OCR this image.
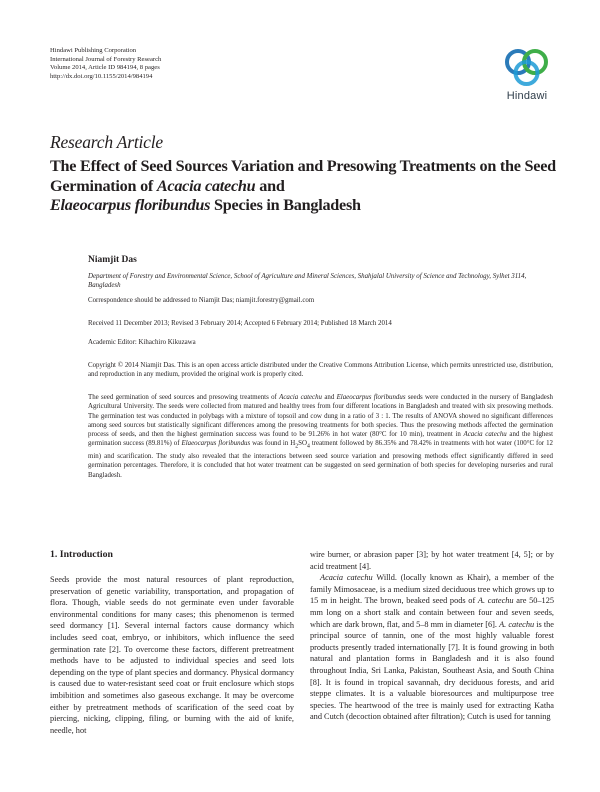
Hindawi Publishing Corporation
International Journal of Forestry Research
Volume 2014, Article ID 984194, 8 pages
http://dx.doi.org/10.1155/2014/984194
Hindawi
Research Article
The Effect of Seed Sources Variation and Presowing Treatments on the Seed Germination of Acacia catechu and
Elaeocarpus floribundus Species in Bangladesh
Niamjit Das
Department of Forestry and Environmental Science, School of Agriculture and Mineral Sciences, Shahjalal University of Science and Technology, Sylhet 3114, Bangladesh
Correspondence should be addressed to Niamjit Das; niamjit.forestry@gmail.com
Received 11 December 2013; Revised 3 February 2014; Accepted 6 February 2014; Published 18 March 2014
Academic Editor: Kihachiro Kikuzawa
Copyright © 2014 Niamjit Das. This is an open access article distributed under the Creative Commons Attribution License, which permits unrestricted use, distribution, and reproduction in any medium, provided the original work is properly cited.
The seed germination of seed sources and presowing treatments of Acacia catechu and Elaeocarpus floribundus seeds were conducted in the nursery of Bangladesh Agricultural University. The seeds were collected from matured and healthy trees from four different locations in Bangladesh and treated with six presowing methods. The germination test was conducted in polybags with a mixture of topsoil and cow dung in a ratio of 3 : 1. The results of ANOVA showed no significant differences among seed sources but statistically significant differences among the presowing treatments for both species. Thus the presowing methods affected the germination process of seeds, and then the highest germination success was found to be 91.26% in hot water (80°C for 10 min), treatment in Acacia catechu and the highest germination success (89.81%) of Elaeocarpus floribundus was found in $H_2SO_4$ treatment followed by 86.35% and 78.42% in treatments with hot water (100°C for 12 min) and scarification. The study also revealed that the interactions between seed source variation and presowing methods effect significantly differed in seed germination percentages. Therefore, it is concluded that hot water treatment can be suggested on seed germination of both species for developing nurseries and rural Bangladesh.
1. Introduction

Seeds provide the most natural resources of plant reproduction, preservation of genetic variability, transportation, and propagation of flora. Though, viable seeds do not germinate even under favorable environmental conditions for many cases; this phenomenon is termed seed dormancy [1]. Several internal factors cause dormancy which includes seed coat, embryo, or inhibitors, which influence the seed germination rate [2]. To overcome these factors, different pretreatment methods have to be adjusted to individual species and seed lots depending on the type of plant species and dormancy. Physical dormancy is caused due to water-resistant seed coat or fruit enclosure which stops imbibition and sometimes also gaseous exchange. It may be overcome either by pretreatment methods of scarification of the seed coat by piercing, nicking, clipping, filing, or burning with the aid of knife, needle, hot

wire burner, or abrasion paper [3]; by hot water treatment [4, 5]; or by acid treatment [4].

Acacia catechu Willd. (locally known as Khair), a member of the family Mimosaceae, is a medium sized deciduous tree which grows up to 15 m in height. The brown, beaked seed pods of A. catechu are 50–125 mm long on a short stalk and contain between four and seven seeds, which are dark brown, flat, and 5–8 mm in diameter [6]. A. catechu is the principal source of tannin, one of the most highly valuable forest products presently traded internationally [7]. It is found growing in both natural and plantation forms in Bangladesh and it is also found throughout India, Sri Lanka, Pakistan, Southeast Asia, and South China [8]. It is found in tropical savannah, dry deciduous forests, and arid steppe climates. It is a valuable bioresources and multipurpose tree species. The heartwood of the tree is mainly used for extracting Katha and Cutch (decoction obtained after filtration); Cutch is used for tanning
